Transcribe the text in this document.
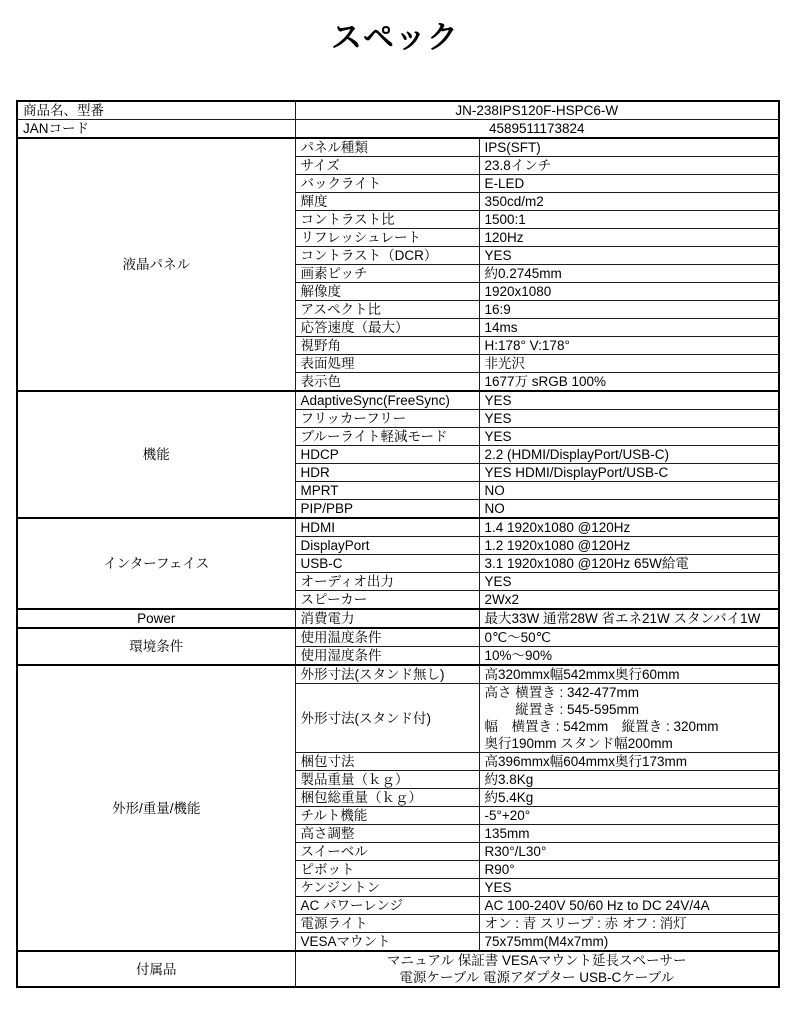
スペック
商品名、型番	JN-238IPS120F-HSPC6-W	
JANコード	4589511173824	
液晶パネル	パネル種類	IPS(SFT)
	サイズ	23.8インチ
	バックライト	E-LED
	輝度	350cd/m2
	コントラスト比	1500:1
	リフレッシュレート	120Hz
	コントラスト（DCR）	YES
	画素ピッチ	約0.2745mm
	解像度	1920x1080
	アスペクト比	16:9
	応答速度（最大）	14ms
	視野角	H:178° V:178°
	表面処理	非光沢
	表示色	1677万 sRGB 100%
機能	AdaptiveSync(FreeSync)	YES
	フリッカーフリー	YES
	ブルーライト軽減モード	YES
	HDCP	2.2 (HDMI/DisplayPort/USB-C)
	HDR	YES HDMI/DisplayPort/USB-C
	MPRT	NO
	PIP/PBP	NO
インターフェイス	HDMI	1.4 1920x1080 @120Hz
	DisplayPort	1.2 1920x1080 @120Hz
	USB-C	3.1 1920x1080 @120Hz 65W給電
	オーディオ出力	YES
	スピーカー	2Wx2
Power	消費電力	最大33W 通常28W 省エネ21W スタンバイ1W
環境条件	使用温度条件	0℃～50℃
	使用湿度条件	10%～90%
外形/重量/機能	外形寸法(スタンド無し)	高320mmx幅542mmx奥行60mm
	外形寸法(スタンド付)	高さ 横置き : 342-477mm
　　 縦置き : 545-595mm
幅　横置き : 542mm　縦置き : 320mm
奥行190mm スタンド幅200mm

	梱包寸法	高396mmx幅604mmx奥行173mm
	製品重量（ｋｇ）	約3.8Kg
	梱包総重量（ｋｇ）	約5.4Kg
	チルト機能	-5°+20°
	高さ調整	135mm
	スイーベル	R30°/L30°
	ピボット	R90°
	ケンジントン	YES
	AC パワーレンジ	AC 100-240V 50/60 Hz to DC 24V/4A
	電源ライト	オン : 青 スリープ : 赤 オフ : 消灯
	VESAマウント	75x75mm(M4x7mm)
付属品	マニュアル 保証書 VESAマウント延長スペーサー
電源ケーブル 電源アダプター USB-Cケーブル	
